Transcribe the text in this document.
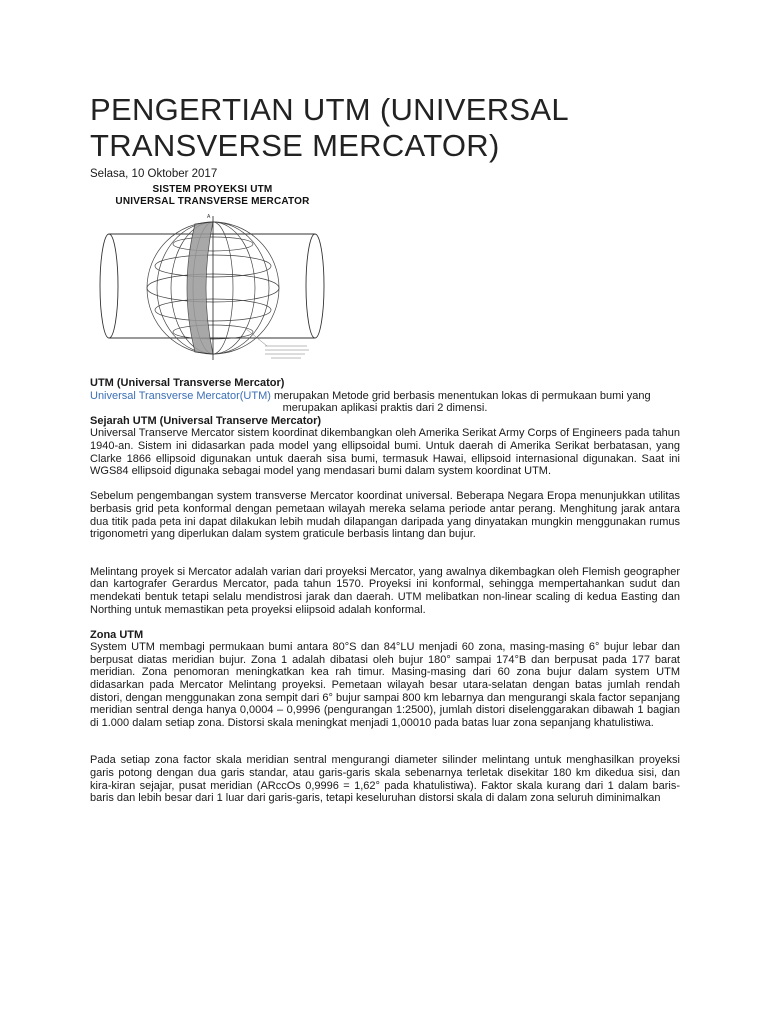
PENGERTIAN UTM (UNIVERSAL TRANSVERSE MERCATOR)
Selasa, 10 Oktober 2017
SISTEM PROYEKSI UTM
UNIVERSAL TRANSVERSE MERCATOR
A

UTM (Universal Transverse Mercator)

Universal Transverse Mercator(UTM) merupakan Metode grid berbasis menentukan lokas di permukaan bumi yang

merupakan aplikasi praktis dari 2 dimensi.

Sejarah UTM (Universal Transerve Mercator)

Universal Transerve Mercator sistem koordinat dikembangkan oleh Amerika Serikat Army Corps of Engineers pada tahun 1940-an. Sistem ini didasarkan pada model yang ellipsoidal bumi. Untuk daerah di Amerika Serikat berbatasan, yang Clarke 1866 ellipsoid digunakan untuk daerah sisa bumi, termasuk Hawai, ellipsoid internasional digunakan. Saat ini WGS84 ellipsoid digunaka sebagai model yang mendasari bumi dalam system koordinat UTM.

Sebelum pengembangan system transverse Mercator koordinat universal. Beberapa Negara Eropa menunjukkan utilitas berbasis grid peta konformal dengan pemetaan wilayah mereka selama periode antar perang. Menghitung jarak antara dua titik pada peta ini dapat dilakukan lebih mudah dilapangan daripada yang dinyatakan mungkin menggunakan rumus trigonometri yang diperlukan dalam system graticule berbasis lintang dan bujur.

Melintang proyek si Mercator adalah varian dari proyeksi Mercator, yang awalnya dikembagkan oleh Flemish geographer dan kartografer Gerardus Mercator, pada tahun 1570. Proyeksi ini konformal, sehingga mempertahankan sudut dan mendekati bentuk tetapi selalu mendistrosi jarak dan daerah. UTM melibatkan non-linear scaling di kedua Easting dan Northing untuk memastikan peta proyeksi eliipsoid adalah konformal.

Zona UTM

System UTM membagi permukaan bumi antara 80°S dan 84°LU menjadi 60 zona, masing-masing 6° bujur lebar dan berpusat diatas meridian bujur. Zona 1 adalah dibatasi oleh bujur 180° sampai 174°B dan berpusat pada 177 barat meridian. Zona penomoran meningkatkan kea rah timur. Masing-masing dari 60 zona bujur dalam system UTM didasarkan pada Mercator Melintang proyeksi. Pemetaan wilayah besar utara-selatan dengan batas jumlah rendah distori, dengan menggunakan zona sempit dari 6° bujur sampai 800 km lebarnya dan mengurangi skala factor sepanjang meridian sentral denga hanya 0,0004 – 0,9996 (pengurangan 1:2500), jumlah distori diselenggarakan dibawah 1 bagian di 1.000 dalam setiap zona. Distorsi skala meningkat menjadi 1,00010 pada batas luar zona sepanjang khatulistiwa.

Pada setiap zona factor skala meridian sentral mengurangi diameter silinder melintang untuk menghasilkan proyeksi garis potong dengan dua garis standar, atau garis-garis skala sebenarnya terletak disekitar 180 km dikedua sisi, dan kira-kiran sejajar, pusat meridian (ARccOs 0,9996 = 1,62° pada khatulistiwa). Faktor skala kurang dari 1 dalam baris-baris dan lebih besar dari 1 luar dari garis-garis, tetapi keseluruhan distorsi skala di dalam zona seluruh diminimalkan
